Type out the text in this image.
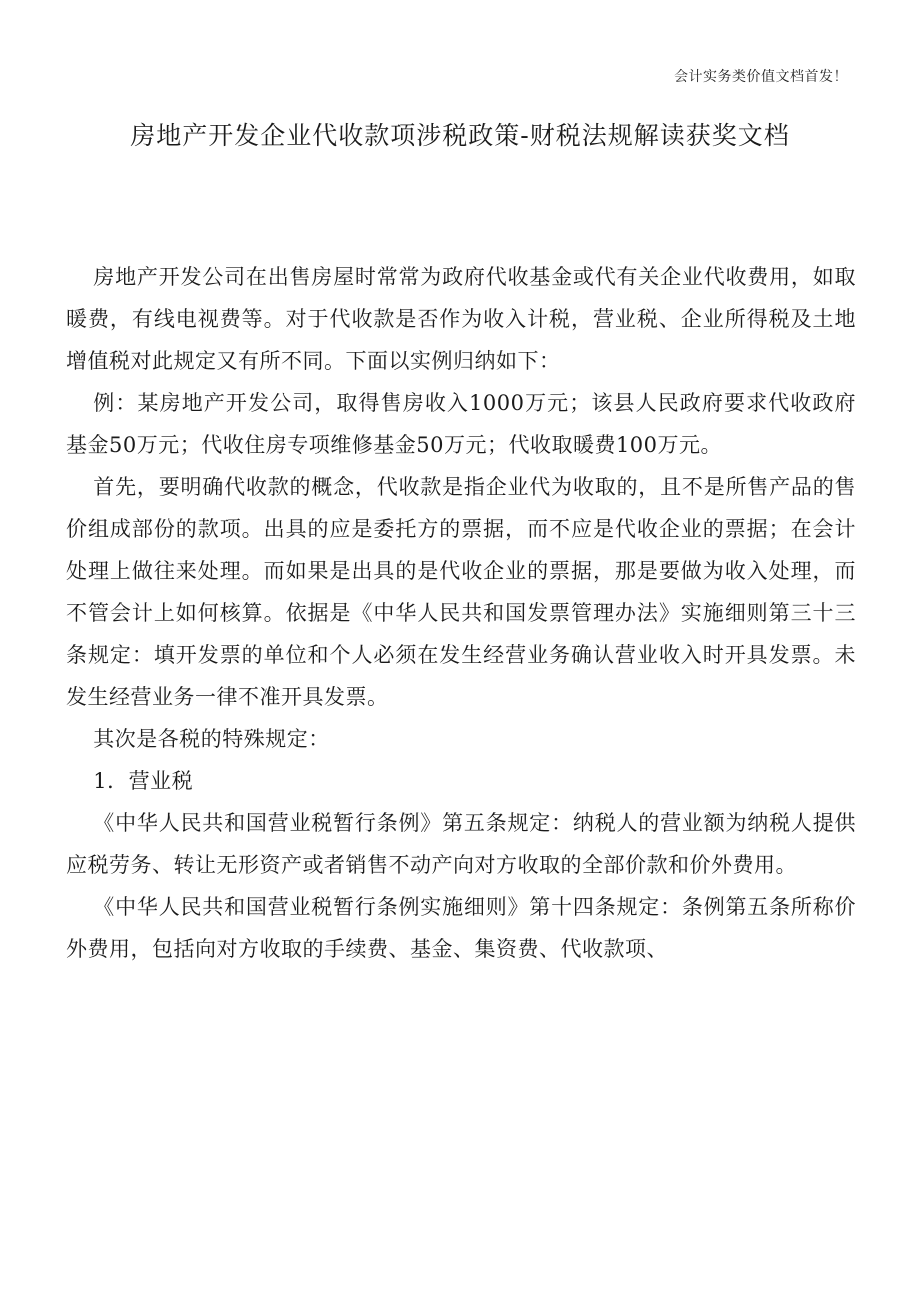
会计实务类价值文档首发！
房地产开发企业代收款项涉税政策-财税法规解读获奖文档

房地产开发公司在出售房屋时常常为政府代收基金或代有关企业代收费用，如取暖费，有线电视费等。对于代收款是否作为收入计税，营业税、企业所得税及土地增值税对此规定又有所不同。下面以实例归纳如下：

例：某房地产开发公司，取得售房收入1000万元；该县人民政府要求代收政府基金50万元；代收住房专项维修基金50万元；代收取暖费100万元。

首先，要明确代收款的概念，代收款是指企业代为收取的，且不是所售产品的售价组成部份的款项。出具的应是委托方的票据，而不应是代收企业的票据；在会计处理上做往来处理。而如果是出具的是代收企业的票据，那是要做为收入处理，而不管会计上如何核算。依据是《中华人民共和国发票管理办法》实施细则第三十三条规定：填开发票的单位和个人必须在发生经营业务确认营业收入时开具发票。未发生经营业务一律不准开具发票。

其次是各税的特殊规定：

1．营业税

《中华人民共和国营业税暂行条例》第五条规定：纳税人的营业额为纳税人提供应税劳务、转让无形资产或者销售不动产向对方收取的全部价款和价外费用。

《中华人民共和国营业税暂行条例实施细则》第十四条规定：条例第五条所称价外费用，包括向对方收取的手续费、基金、集资费、代收款项、
